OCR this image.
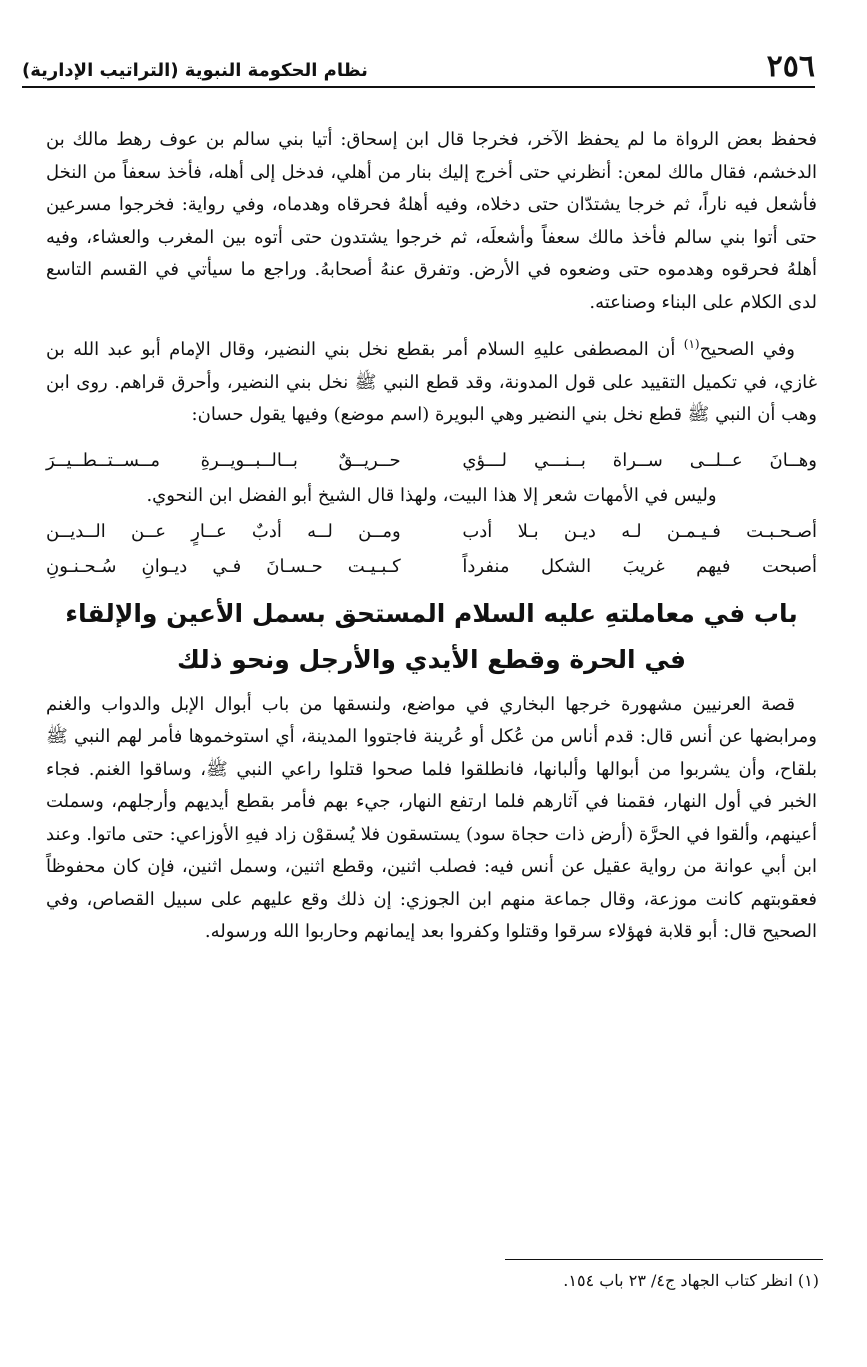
٢٥٦
نظام الحكومة النبوية (التراتيب الإدارية)

فحفظ بعض الرواة ما لم يحفظ الآخر، فخرجا قال ابن إسحاق: أتيا بني سالم بن عوف رهط مالك بن الدخشم، فقال مالك لمعن: أنظرني حتى أخرج إليك بنار من أهلي، فدخل إلى أهله، فأخذ سعفاً من النخل فأشعل فيه ناراً، ثم خرجا يشتدّان حتى دخلاه، وفيه أهلهُ فحرقاه وهدماه، وفي رواية: فخرجوا مسرعين حتى أتوا بني سالم فأخذ مالك سعفاً وأشعلَه، ثم خرجوا يشتدون حتى أتوه بين المغرب والعشاء، وفيه أهلهُ فحرقوه وهدموه حتى وضعوه في الأرض. وتفرق عنهُ أصحابهُ. وراجع ما سيأتي في القسم التاسع لدى الكلام على البناء وصناعته.

وفي الصحيح$^{(١)}$ أن المصطفى عليهِ السلام أمر بقطع نخل بني النضير، وقال الإمام أبو عبد الله بن غازي، في تكميل التقييد على قول المدونة، وقد قطع النبي ﷺ نخل بني النضير، وأحرق قراهم. روى ابن وهب أن النبي ﷺ قطع نخل بني النضير وهي البويرة (اسم موضع) وفيها يقول حسان:

وهــانَ عــلــى ســراة بــنـــي لـــؤي
حــريــقٌ بــالــبــويــرةِ مــســتــطــيــرَ

وليس في الأمهات شعر إلا هذا البيت، ولهذا قال الشيخ أبو الفضل ابن النحوي.

أصـحـبـت فـيـمـن لـه ديـن بـلا أدب
ومــن لــه أدبٌ عــارٍ عــن الــديــن
أصبحت فيهم غريبَ الشكل منفرداً
كـبـيـت حـسـانَ فـي ديـوانِ سُـحـنـونِ

باب في معاملتهِ عليه السلام المستحق بسمل الأعين والإلقاء

في الحرة وقطع الأيدي والأرجل ونحو ذلك

قصة العرنيين مشهورة خرجها البخاري في مواضع، ولنسقها من باب أبوال الإبل والدواب والغنم ومرابضها عن أنس قال: قدم أناس من عُكل أو عُرينة فاجتووا المدينة، أي استوخموها فأمر لهم النبي ﷺ بلقاح، وأن يشربوا من أبوالها وألبانها، فانطلقوا فلما صحوا قتلوا راعي النبي ﷺ، وساقوا الغنم. فجاء الخبر في أول النهار، فقمنا في آثارهم فلما ارتفع النهار، جيء بهم فأمر بقطع أيديهم وأرجلهم، وسملت أعينهم، وألقوا في الحرَّة (أرض ذات حجاة سود) يستسقون فلا يُسقوْن زاد فيهِ الأوزاعي: حتى ماتوا. وعند ابن أبي عوانة من رواية عقيل عن أنس فيه: فصلب اثنين، وقطع اثنين، وسمل اثنين، فإن كان محفوظاً فعقوبتهم كانت موزعة، وقال جماعة منهم ابن الجوزي: إن ذلك وقع عليهم على سبيل القصاص، وفي الصحيح قال: أبو قلابة فهؤلاء سرقوا وقتلوا وكفروا بعد إيمانهم وحاربوا الله ورسوله.

(١) انظر كتاب الجهاد ج٤/ ٢٣ باب ١٥٤.
